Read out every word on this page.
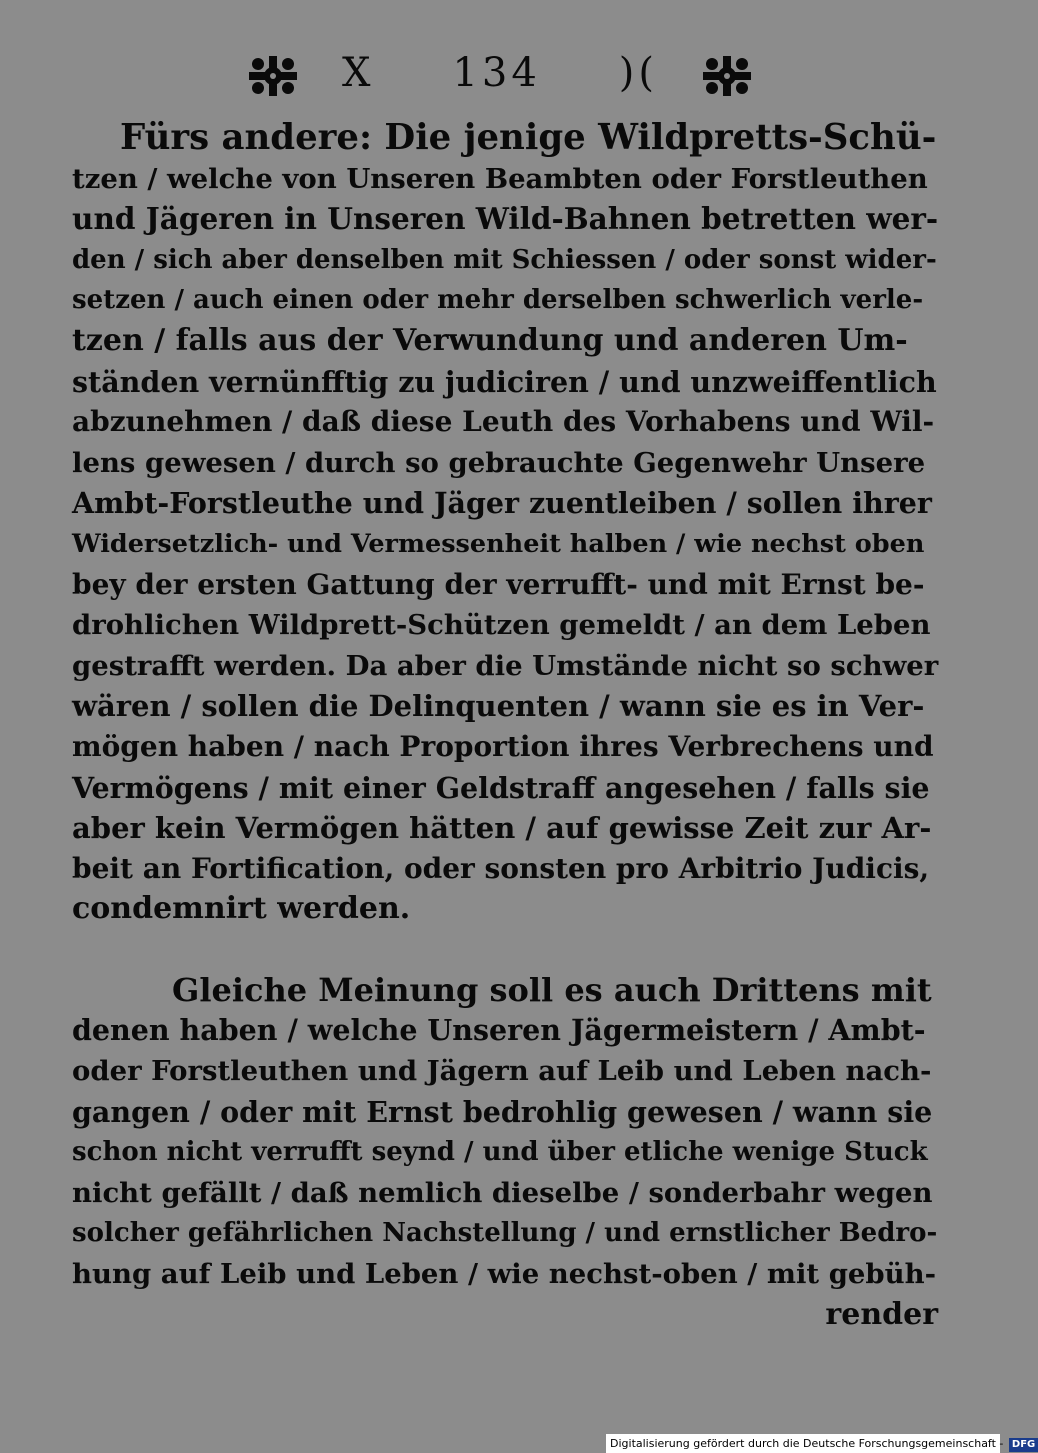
X 134 )(

Fürs andere: Die jenige Wildpretts-Schü-
tzen / welche von Unseren Beambten oder Forstleuthen
und Jägeren in Unseren Wild-Bahnen betretten wer-
den / sich aber denselben mit Schiessen / oder sonst wider-
setzen / auch einen oder mehr derselben schwerlich verle-
tzen / falls aus der Verwundung und anderen Um-
ständen vernünfftig zu judiciren / und unzweiffentlich
abzunehmen / daß diese Leuth des Vorhabens und Wil-
lens gewesen / durch so gebrauchte Gegenwehr Unsere
Ambt-Forstleuthe und Jäger zuentleiben / sollen ihrer
Widersetzlich- und Vermessenheit halben / wie nechst oben
bey der ersten Gattung der verrufft- und mit Ernst be-
drohlichen Wildprett-Schützen gemeldt / an dem Leben
gestrafft werden. Da aber die Umstände nicht so schwer
wären / sollen die Delinquenten / wann sie es in Ver-
mögen haben / nach Proportion ihres Verbrechens und
Vermögens / mit einer Geldstraff angesehen / falls sie
aber kein Vermögen hätten / auf gewisse Zeit zur Ar-
beit an Fortification, oder sonsten pro Arbitrio Judicis,
condemnirt werden.

Gleiche Meinung soll es auch Drittens mit
denen haben / welche Unseren Jägermeistern / Ambt-
oder Forstleuthen und Jägern auf Leib und Leben nach-
gangen / oder mit Ernst bedrohlig gewesen / wann sie
schon nicht verrufft seynd / und über etliche wenige Stuck
nicht gefällt / daß nemlich dieselbe / sonderbahr wegen
solcher gefährlichen Nachstellung / und ernstlicher Bedro-
hung auf Leib und Leben / wie nechst-oben / mit gebüh-
render

Digitalisierung gefördert durch die Deutsche Forschungsgemeinschaft - DFG
